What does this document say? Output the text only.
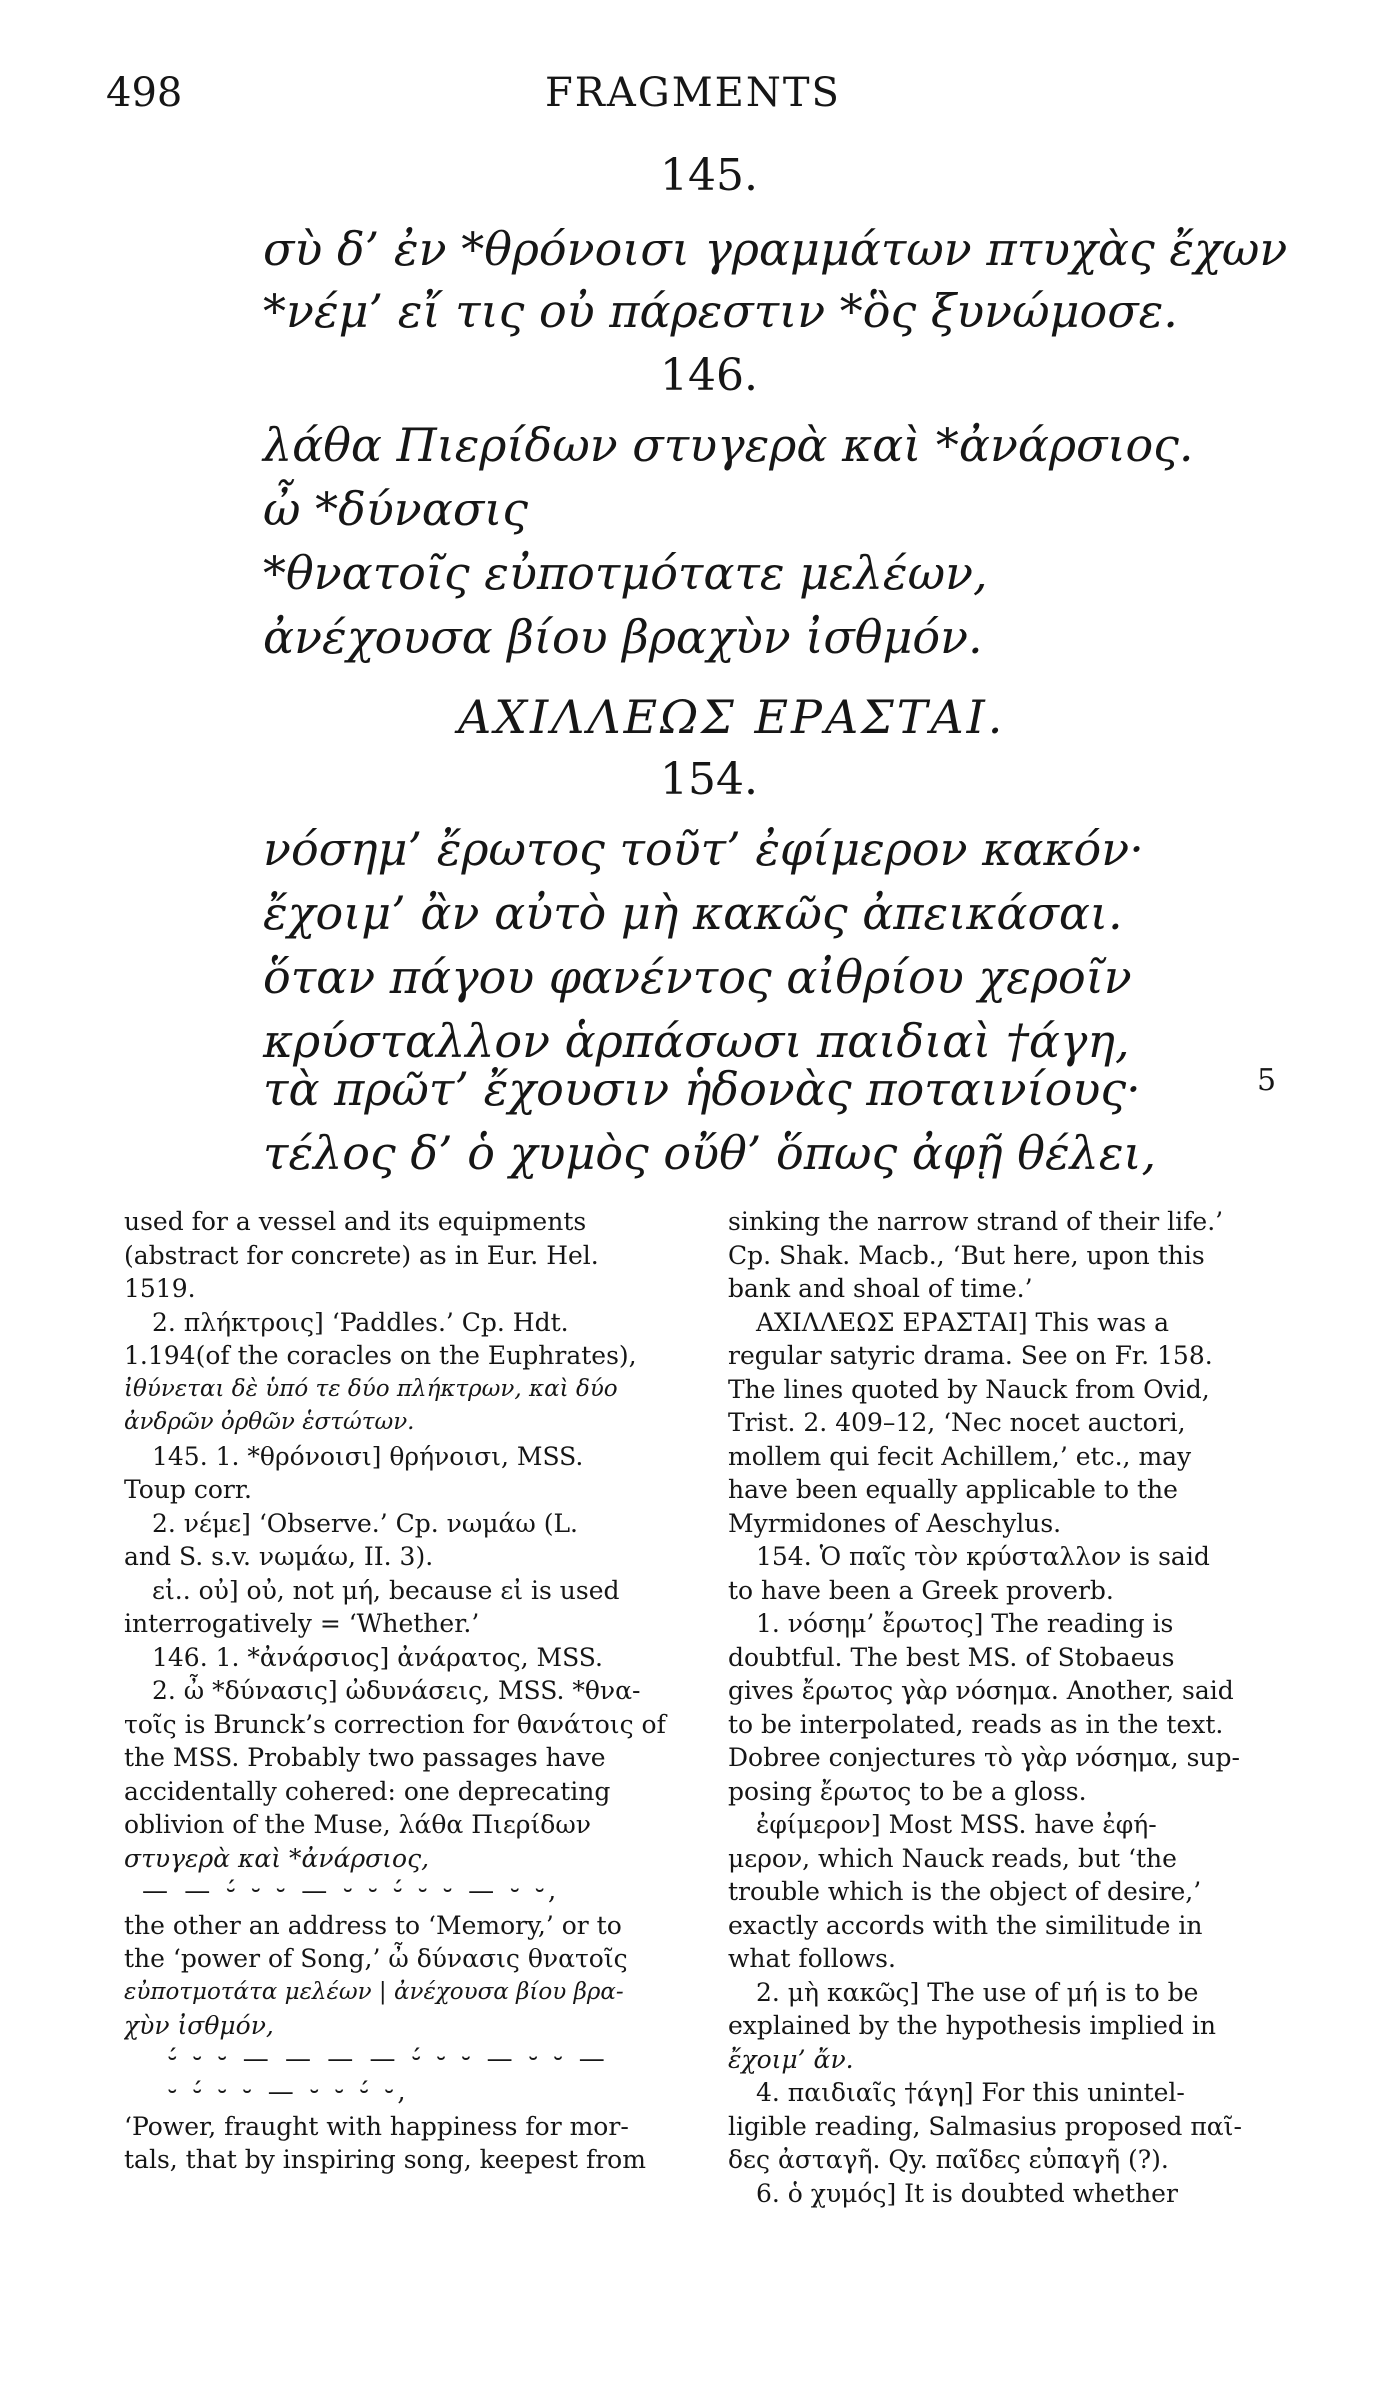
498	FRAGMENTS
145.
σὺ δ’ ἐν *θρόνοισι γραμμάτων πτυχὰς ἔχων
*νέμ’ εἴ τις οὐ πάρεστιν *ὃς ξυνώμοσε.
146.
λάθα Πιερίδων στυγερὰ καὶ *ἀνάρσιος.
ὦ *δύνασις
*θνατοῖς εὐποτμότατε μελέων,
ἀνέχουσα βίου βραχὺν ἰσθμόν.
ΑΧΙΛΛΕΩΣ ΕΡΑΣΤΑΙ.
154.
νόσημ’ ἔρωτος τοῦτ’ ἐφίμερον κακόν·
ἔχοιμ’ ἂν αὐτὸ μὴ κακῶς ἀπεικάσαι.
ὅταν πάγου φανέντος αἰθρίου χεροῖν
κρύσταλλον ἁρπάσωσι παιδιαὶ †άγη,
τὰ πρῶτ’ ἔχουσιν ἡδονὰς ποταινίους·	5
τέλος δ’ ὁ χυμὸς οὔθ’ ὅπως ἀφῇ θέλει,
used for a vessel and its equipments
(abstract for concrete) as in Eur. Hel.
1519.
2. πλήκτροις] ‘Paddles.’ Cp. Hdt.
1.194(of the coracles on the Euphrates),
ἰθύνεται δὲ ὑπό τε δύο πλήκτρων, καὶ δύο
ἀνδρῶν ὀρθῶν ἑστώτων.
145. 1. *θρόνοισι] θρήνοισι, MSS.
Toup corr.
2. νέμε] ‘Observe.’ Cp. νωμάω (L.
and S. s.v. νωμάω, II. 3).
εἰ.. οὐ] οὐ, not μή, because εἰ is used
interrogatively = ‘Whether.’
146. 1. *ἀνάρσιος] ἀνάρατος, MSS.
2. ὦ *δύνασις] ὠδυνάσεις, MSS. *θνα-
τοῖς is Brunck’s correction for θανάτοις of
the MSS. Probably two passages have
accidentally cohered: one deprecating
oblivion of the Muse, λάθα Πιερίδων
στυγερὰ καὶ *ἀνάρσιος,
— — ⏑́ ⏑ ⏑ — ⏑ ⏑ ⏑́ ⏑ ⏑ — ⏑ ⏑,
the other an address to ‘Memory,’ or to
the ‘power of Song,’ ὦ δύνασις θνατοῖς
εὐποτμοτάτα μελέων | ἀνέχουσα βίου βρα-
χὺν ἰσθμόν,
⏑́ ⏑ ⏑ — — — — ⏑́ ⏑ ⏑ — ⏑ ⏑ —
⏑ ⏑́ ⏑ ⏑ — ⏑ ⏑ ⏑́ ⏑,
‘Power, fraught with happiness for mor-
tals, that by inspiring song, keepest from
sinking the narrow strand of their life.’
Cp. Shak. Macb., ‘But here, upon this
bank and shoal of time.’
ΑΧΙΛΛΕΩΣ ΕΡΑΣΤΑΙ] This was a
regular satyric drama. See on Fr. 158.
The lines quoted by Nauck from Ovid,
Trist. 2. 409–12, ‘Nec nocet auctori,
mollem qui fecit Achillem,’ etc., may
have been equally applicable to the
Myrmidones of Aeschylus.
154. Ὁ παῖς τὸν κρύσταλλον is said
to have been a Greek proverb.
1. νόσημ’ ἔρωτος] The reading is
doubtful. The best MS. of Stobaeus
gives ἔρωτος γὰρ νόσημα. Another, said
to be interpolated, reads as in the text.
Dobree conjectures τὸ γὰρ νόσημα, sup-
posing ἔρωτος to be a gloss.
ἐφίμερον] Most MSS. have ἐφή-
μερον, which Nauck reads, but ‘the
trouble which is the object of desire,’
exactly accords with the similitude in
what follows.
2. μὴ κακῶς] The use of μή is to be
explained by the hypothesis implied in
ἔχοιμ’ ἄν.
4. παιδιαῖς †άγη] For this unintel-
ligible reading, Salmasius proposed παῖ-
δες ἀσταγῆ. Qy. παῖδες εὐπαγῆ (?).
6. ὁ χυμός] It is doubted whether
